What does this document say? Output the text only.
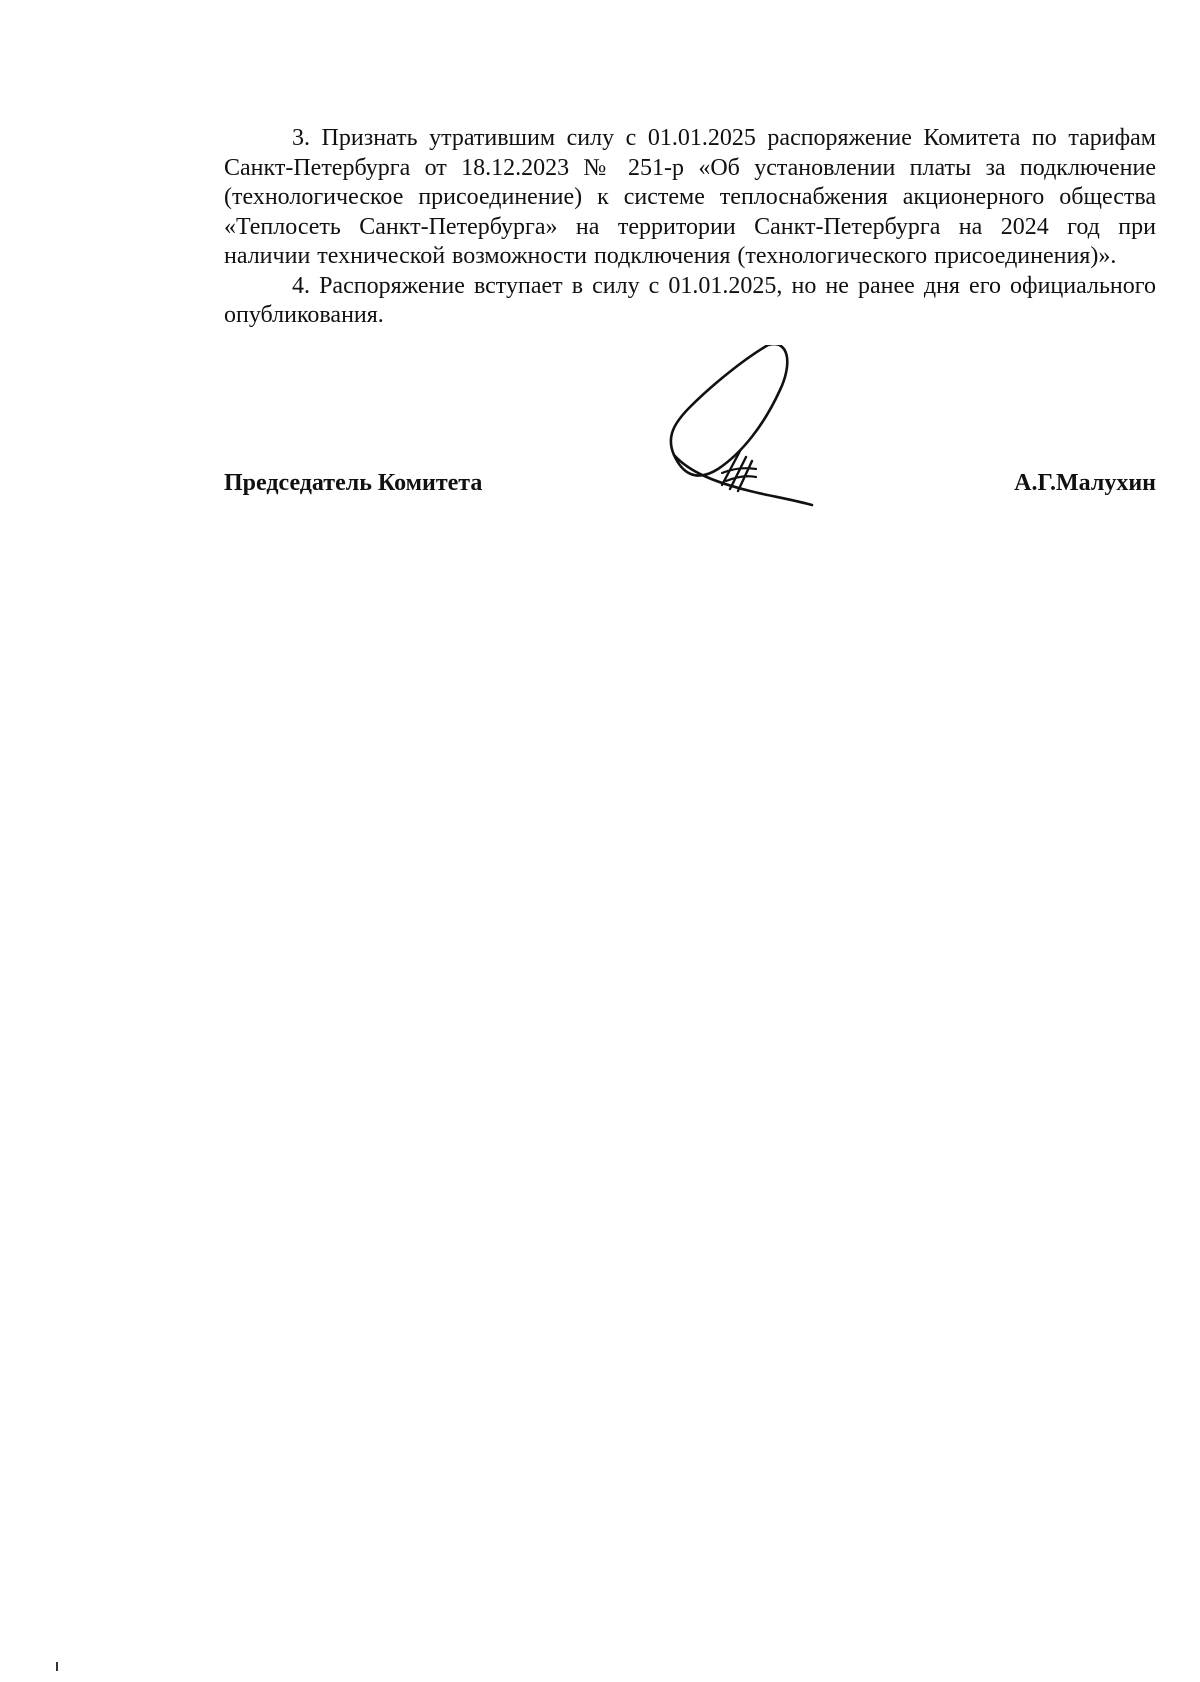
3. Признать утратившим силу с 01.01.2025 распоряжение Комитета по тарифам Санкт-Петербурга от 18.12.2023 № 251-р «Об установлении платы за подключение (технологическое присоединение) к системе теплоснабжения акционерного общества «Теплосеть Санкт-Петербурга» на территории Санкт-Петербурга на 2024 год при наличии технической возможности подключения (технологического присоединения)».

4. Распоряжение вступает в силу с 01.01.2025, но не ранее дня его официального опубликования.

Председатель Комитета	А.Г.Малухин
